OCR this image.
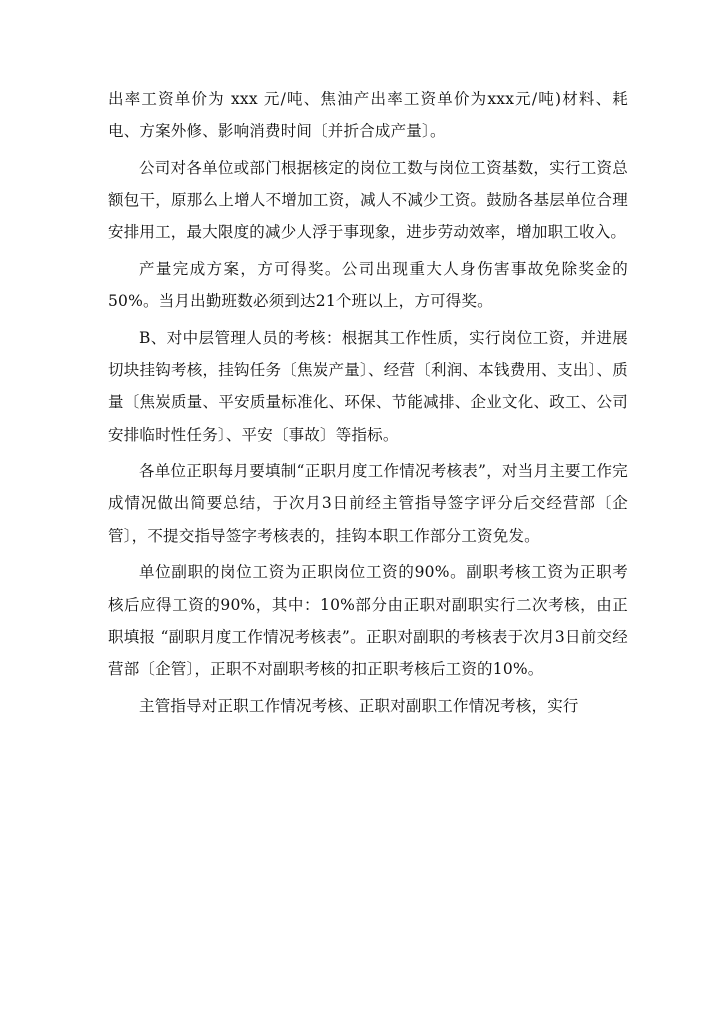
出率工资单价为 xxx 元/吨、焦油产出率工资单价为xxx元/吨)材料、耗电、方案外修、影响消费时间〔并折合成产量〕。

公司对各单位或部门根据核定的岗位工数与岗位工资基数，实行工资总额包干，原那么上增人不增加工资，减人不减少工资。鼓励各基层单位合理安排用工，最大限度的减少人浮于事现象，进步劳动效率，增加职工收入。

产量完成方案，方可得奖。公司出现重大人身伤害事故免除奖金的50%。当月出勤班数必须到达21个班以上，方可得奖。

B、对中层管理人员的考核：根据其工作性质，实行岗位工资，并进展切块挂钩考核，挂钩任务〔焦炭产量〕、经营〔利润、本钱费用、支出〕、质量〔焦炭质量、平安质量标准化、环保、节能减排、企业文化、政工、公司安排临时性任务〕、平安〔事故〕等指标。

各单位正职每月要填制“正职月度工作情况考核表”，对当月主要工作完成情况做出简要总结，于次月3日前经主管指导签字评分后交经营部〔企管〕，不提交指导签字考核表的，挂钩本职工作部分工资免发。

单位副职的岗位工资为正职岗位工资的90%。副职考核工资为正职考核后应得工资的90%，其中：10%部分由正职对副职实行二次考核，由正职填报 “副职月度工作情况考核表”。正职对副职的考核表于次月3日前交经营部〔企管〕，正职不对副职考核的扣正职考核后工资的10%。

主管指导对正职工作情况考核、正职对副职工作情况考核，实行
